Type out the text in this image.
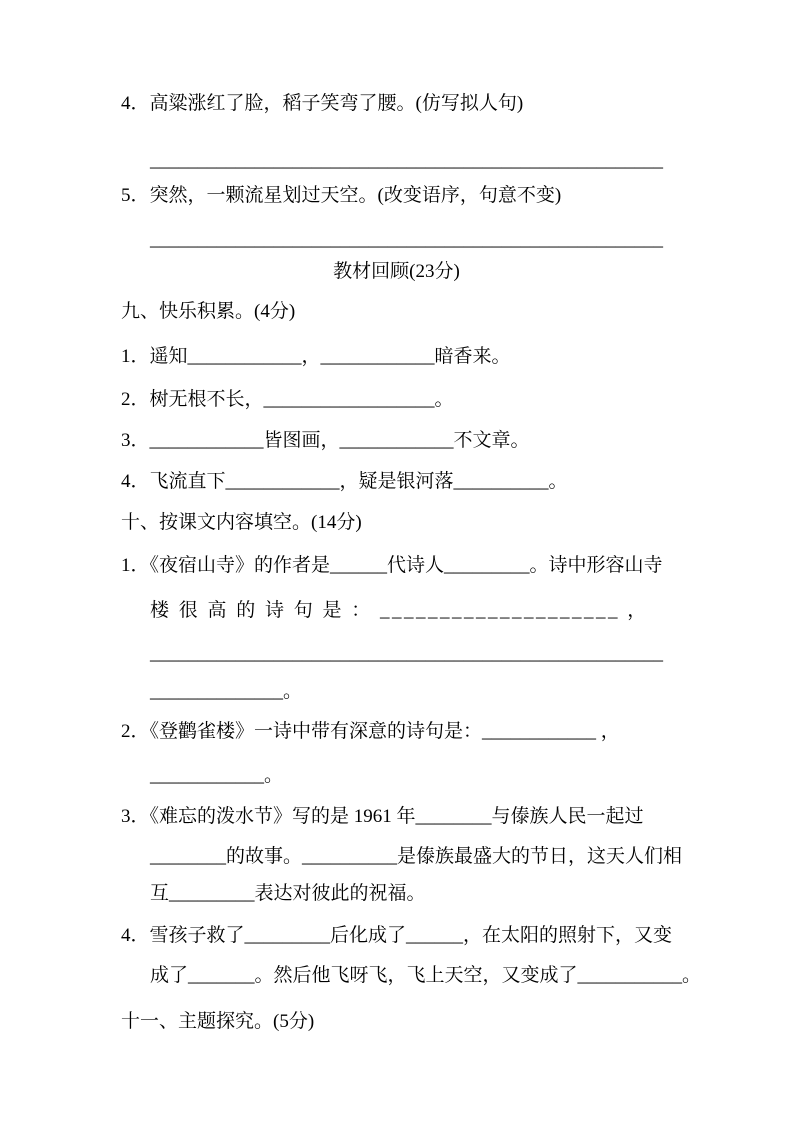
4．高粱涨红了脸，稻子笑弯了腰。(仿写拟人句)
______________________________________________________
5．突然，一颗流星划过天空。(改变语序，句意不变)
______________________________________________________
教材回顾(23分)
九、快乐积累。(4分)
1．遥知____________，____________暗香来。
2．树无根不长，__________________。
3．____________皆图画，____________不文章。
4．飞流直下____________，疑是银河落__________。
十、按课文内容填空。(14分)
1．《夜宿山寺》的作者是______代诗人_________。诗中形容山寺
楼 很 高 的 诗 句 是 ： ____________________ ，
______________________________________________________
______________。
2．《登鹳雀楼》一诗中带有深意的诗句是：____________ ，
____________。
3．《难忘的泼水节》写的是 1961 年________与傣族人民一起过
________的故事。__________是傣族最盛大的节日，这天人们相
互_________表达对彼此的祝福。
4．雪孩子救了_________后化成了______，在太阳的照射下，又变
成了_______。然后他飞呀飞，飞上天空，又变成了___________。
十一、主题探究。(5分)
